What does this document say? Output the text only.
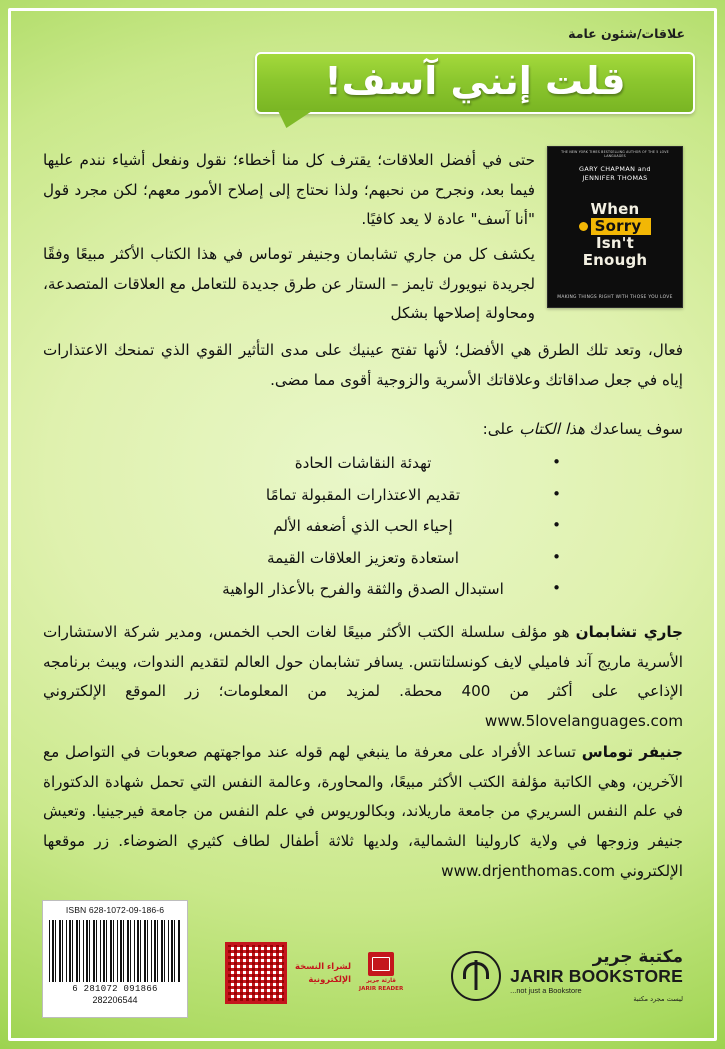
علاقات/شئون عامة
قلت إنني آسف!
THE NEW YORK TIMES BESTSELLING AUTHOR OF THE 5 LOVE LANGUAGES
GARY CHAPMAN and
JENNIFER THOMAS
When
Sorry
Isn't
Enough
MAKING THINGS RIGHT WITH THOSE YOU LOVE
حتى في أفضل العلاقات؛ يقترف كل منا أخطاء؛ نقول ونفعل أشياء نندم عليها فيما بعد، ونجرح من نحبهم؛ ولذا نحتاج إلى إصلاح الأمور معهم؛ لكن مجرد قول "أنا آسف" عادة لا يعد كافيًا.
يكشف كل من جاري تشابمان وجنيفر توماس في هذا الكتاب الأكثر مبيعًا وفقًا لجريدة نيويورك تايمز – الستار عن طرق جديدة للتعامل مع العلاقات المتصدعة، ومحاولة إصلاحها بشكل
فعال، وتعد تلك الطرق هي الأفضل؛ لأنها تفتح عينيك على مدى التأثير القوي الذي تمنحك الاعتذارات إياه في جعل صداقاتك وعلاقاتك الأسرية والزوجية أقوى مما مضى.
سوف يساعدك هذا الكتاب على:
تهدئة النقاشات الحادة •
تقديم الاعتذارات المقبولة تمامًا •
إحياء الحب الذي أضعفه الألم •
استعادة وتعزيز العلاقات القيمة •
استبدال الصدق والثقة والفرح بالأعذار الواهية •
جاري تشابمان هو مؤلف سلسلة الكتب الأكثر مبيعًا لغات الحب الخمس، ومدير شركة الاستشارات الأسرية ماريج آند فاميلي لايف كونسلتانتس. يسافر تشابمان حول العالم لتقديم الندوات، ويبث برنامجه الإذاعي على أكثر من 400 محطة. لمزيد من المعلومات؛ زر الموقع الإلكتروني www.5lovelanguages.com
جنيفر توماس تساعد الأفراد على معرفة ما ينبغي لهم قوله عند مواجهتهم صعوبات في التواصل مع الآخرين، وهي الكاتبة مؤلفة الكتب الأكثر مبيعًا، والمحاورة، وعالمة النفس التي تحمل شهادة الدكتوراة في علم النفس السريري من جامعة ماريلاند، وبكالوريوس في علم النفس من جامعة فيرجينيا. وتعيش جنيفر وزوجها في ولاية كارولينا الشمالية، ولديها ثلاثة أطفال لطاف كثيري الضوضاء. زر موقعها الإلكتروني www.drjenthomas.com
ISBN 628-1072-09-186-6
6 281072 091866
282206544
لشراء النسخة
الإلكترونية	قارئة جرير
JARIR READER
مكتبة جرير
JARIR BOOKSTORE
...not just a Bookstore
ليست مجرد مكتبة
